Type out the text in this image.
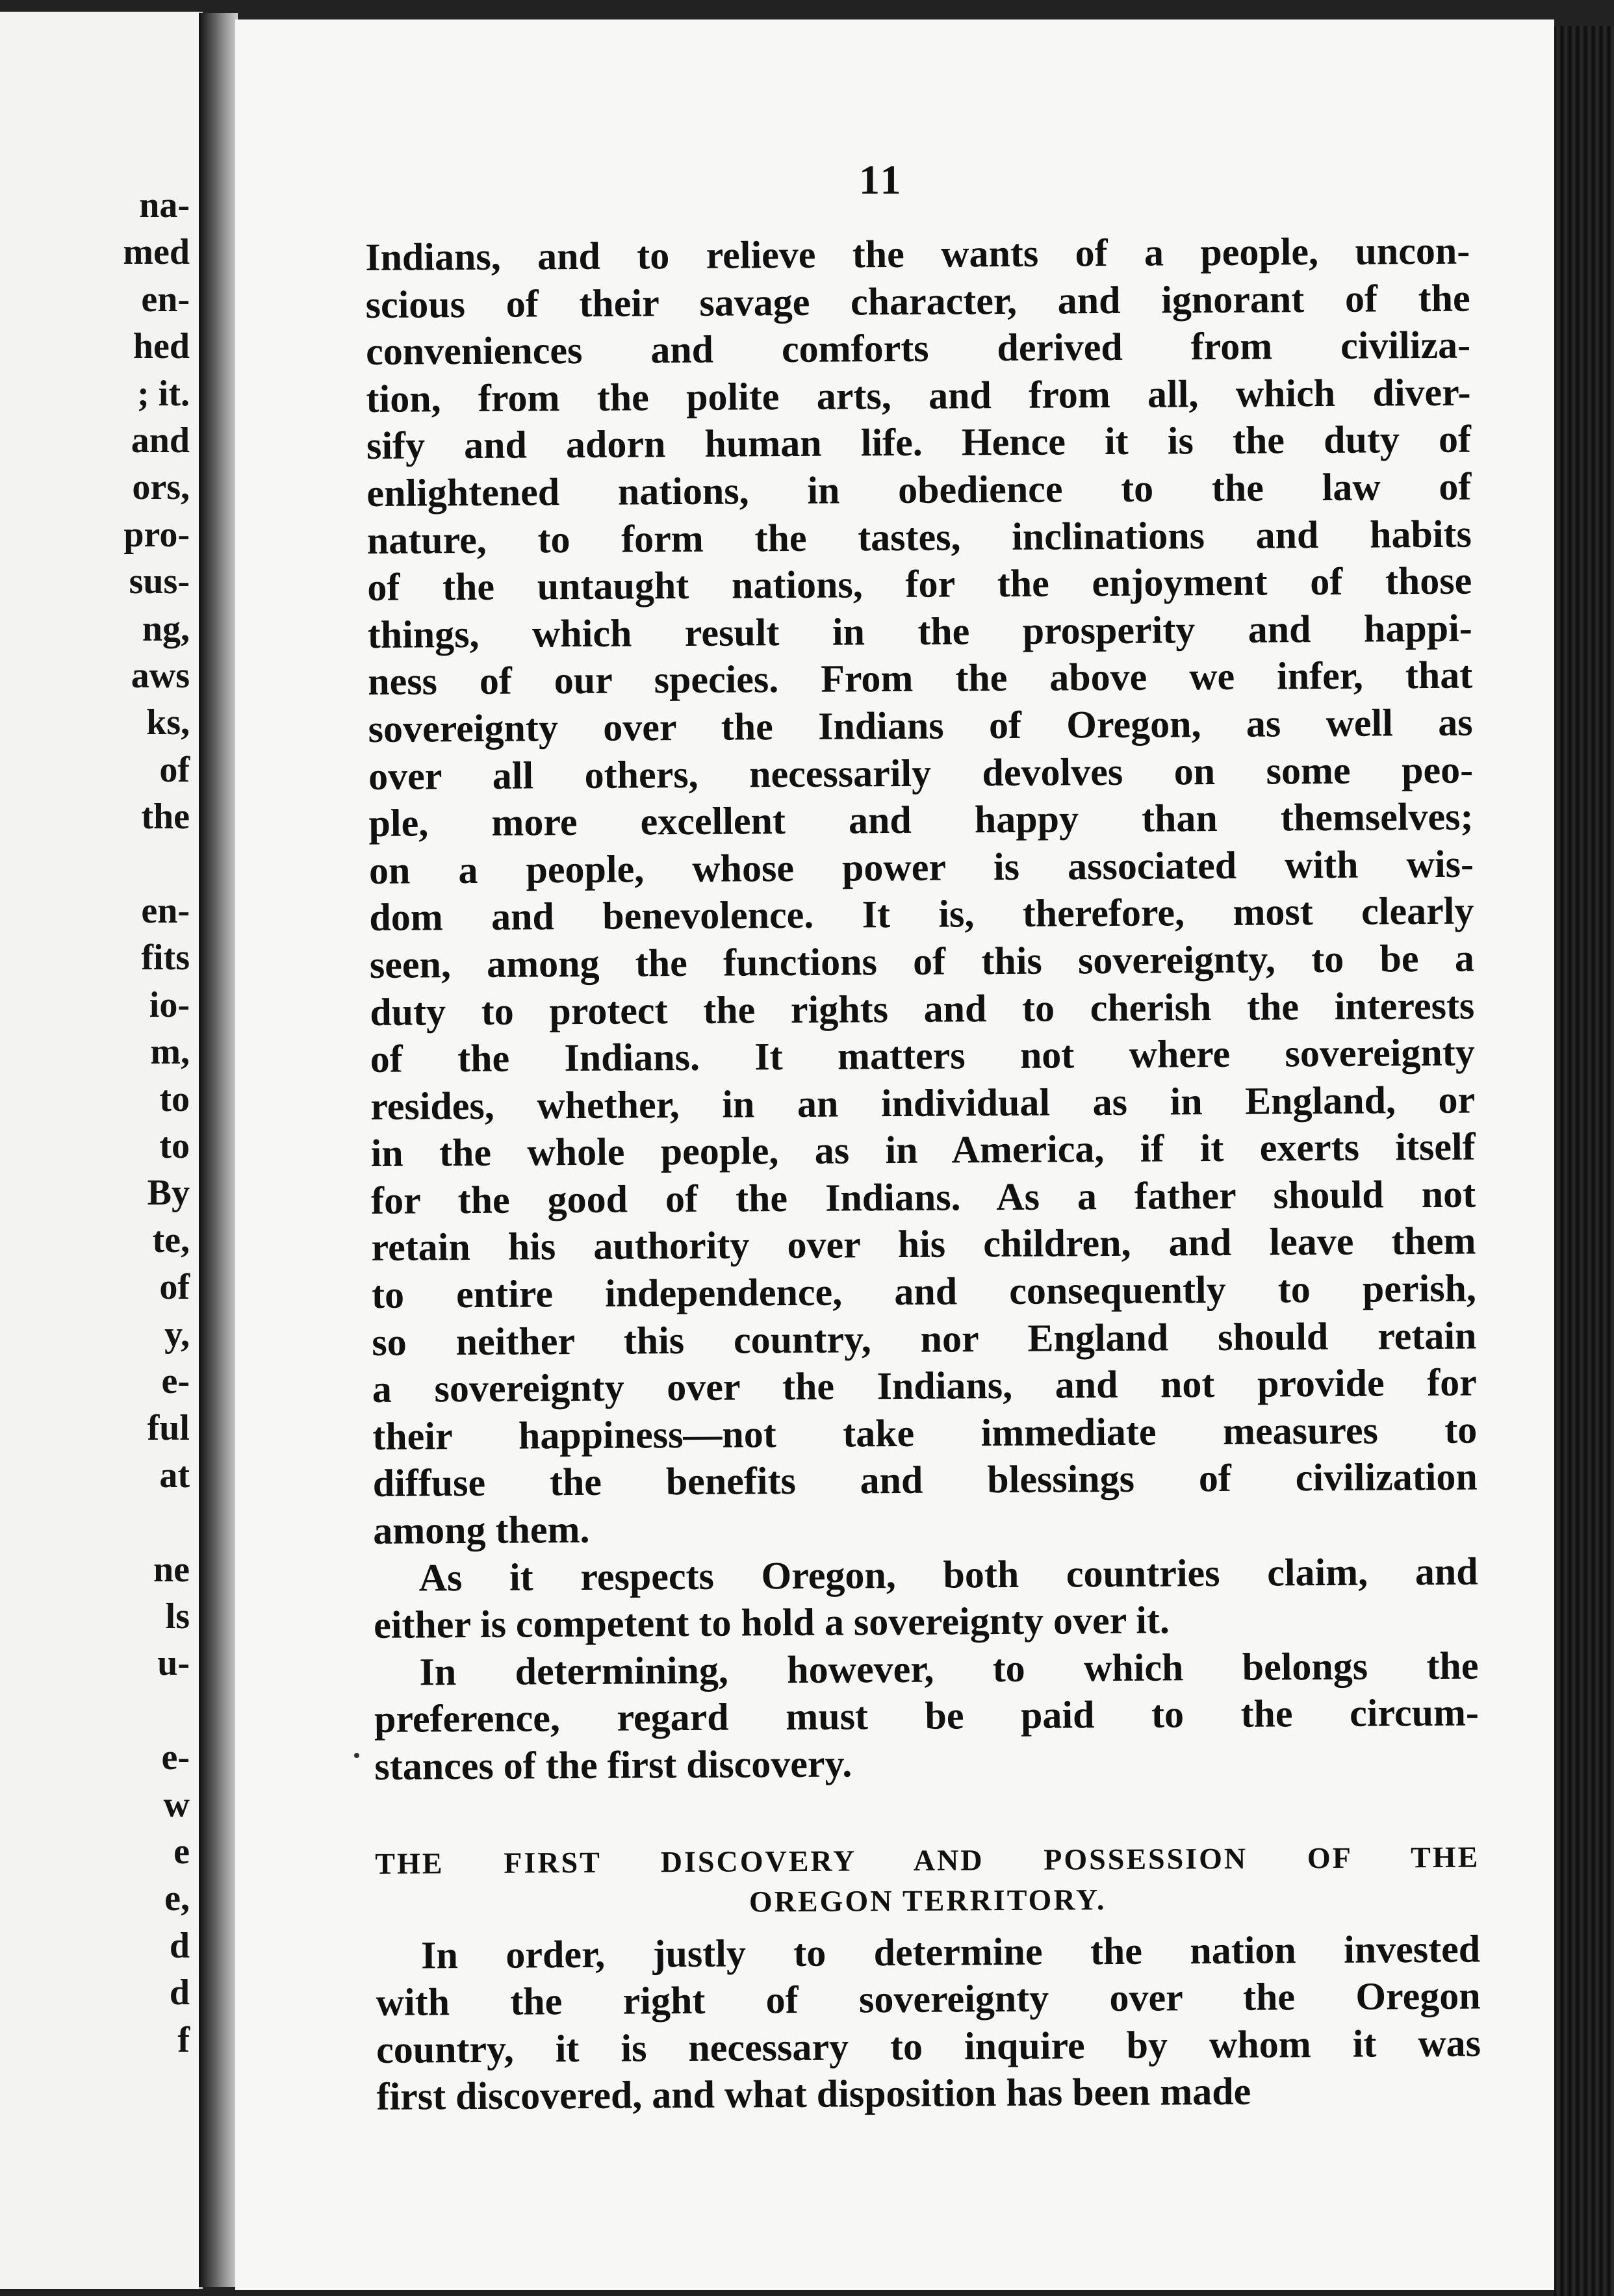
na-
med
en-
hed
; it.
and
ors,
pro-
sus-
ng,
aws
ks,
of
the
en-
fits
io-
m,
to
to
By
te,
of
y,
e-
ful
at
ne
ls
u-
e-
w
e
e,
d
d
f
11
Indians, and to relieve the wants of a people, uncon-
scious of their savage character, and ignorant of the
conveniences and comforts derived from civiliza-
tion, from the polite arts, and from all, which diver-
sify and adorn human life. Hence it is the duty of
enlightened nations, in obedience to the law of
nature, to form the tastes, inclinations and habits
of the untaught nations, for the enjoyment of those
things, which result in the prosperity and happi-
ness of our species. From the above we infer, that
sovereignty over the Indians of Oregon, as well as
over all others, necessarily devolves on some peo-
ple, more excellent and happy than themselves;
on a people, whose power is associated with wis-
dom and benevolence. It is, therefore, most clearly
seen, among the functions of this sovereignty, to be a
duty to protect the rights and to cherish the interests
of the Indians. It matters not where sovereignty
resides, whether, in an individual as in England, or
in the whole people, as in America, if it exerts itself
for the good of the Indians. As a father should not
retain his authority over his children, and leave them
to entire independence, and consequently to perish,
so neither this country, nor England should retain
a sovereignty over the Indians, and not provide for
their happiness—not take immediate measures to
diffuse the benefits and blessings of civilization
among them.
As it respects Oregon, both countries claim, and
either is competent to hold a sovereignty over it.
In determining, however, to which belongs the
preference, regard must be paid to the circum-
stances of the first discovery.
THE FIRST DISCOVERY AND POSSESSION OF THE
OREGON TERRITORY.
In order, justly to determine the nation invested
with the right of sovereignty over the Oregon
country, it is necessary to inquire by whom it was
first discovered, and what disposition has been made
